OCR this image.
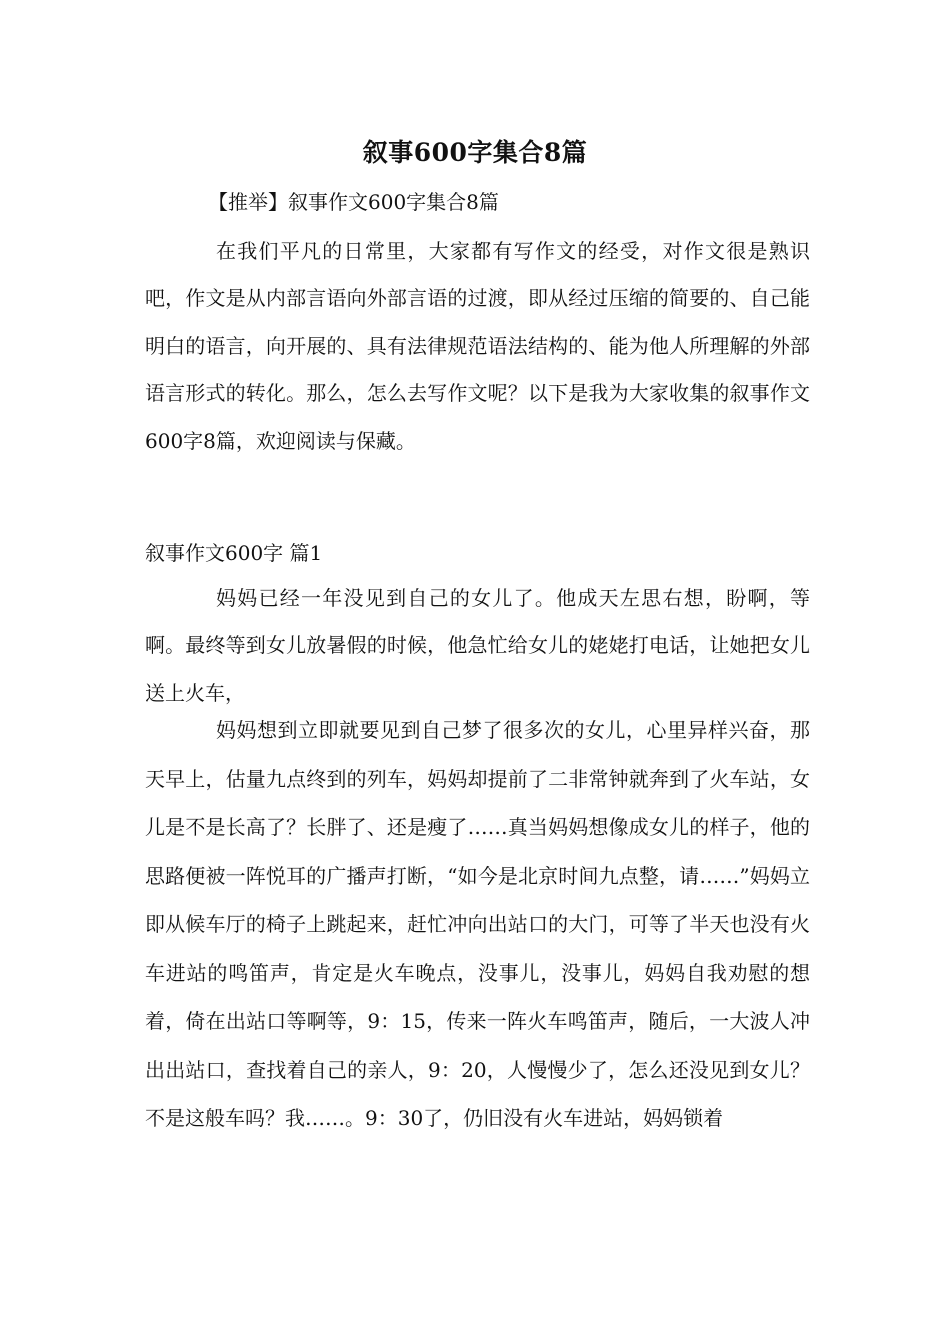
叙事600字集合8篇
【推举】叙事作文600字集合8篇

在我们平凡的日常里，大家都有写作文的经受，对作文很是熟识吧，作文是从内部言语向外部言语的过渡，即从经过压缩的简要的、自己能明白的语言，向开展的、具有法律规范语法结构的、能为他人所理解的外部语言形式的转化。那么，怎么去写作文呢？以下是我为大家收集的叙事作文600字8篇，欢迎阅读与保藏。

叙事作文600字 篇1

妈妈已经一年没见到自己的女儿了。他成天左思右想，盼啊，等啊。最终等到女儿放暑假的时候，他急忙给女儿的姥姥打电话，让她把女儿送上火车，

妈妈想到立即就要见到自己梦了很多次的女儿，心里异样兴奋，那天早上，估量九点终到的列车，妈妈却提前了二非常钟就奔到了火车站，女儿是不是长高了？长胖了、还是瘦了……真当妈妈想像成女儿的样子，他的思路便被一阵悦耳的广播声打断，“如今是北京时间九点整，请……”妈妈立即从候车厅的椅子上跳起来，赶忙冲向出站口的大门，可等了半天也没有火车进站的鸣笛声，肯定是火车晚点，没事儿，没事儿，妈妈自我劝慰的想着，倚在出站口等啊等，9：15，传来一阵火车鸣笛声，随后，一大波人冲出出站口，查找着自己的亲人，9：20，人慢慢少了，怎么还没见到女儿？不是这般车吗？我……。9：30了，仍旧没有火车进站，妈妈锁着
